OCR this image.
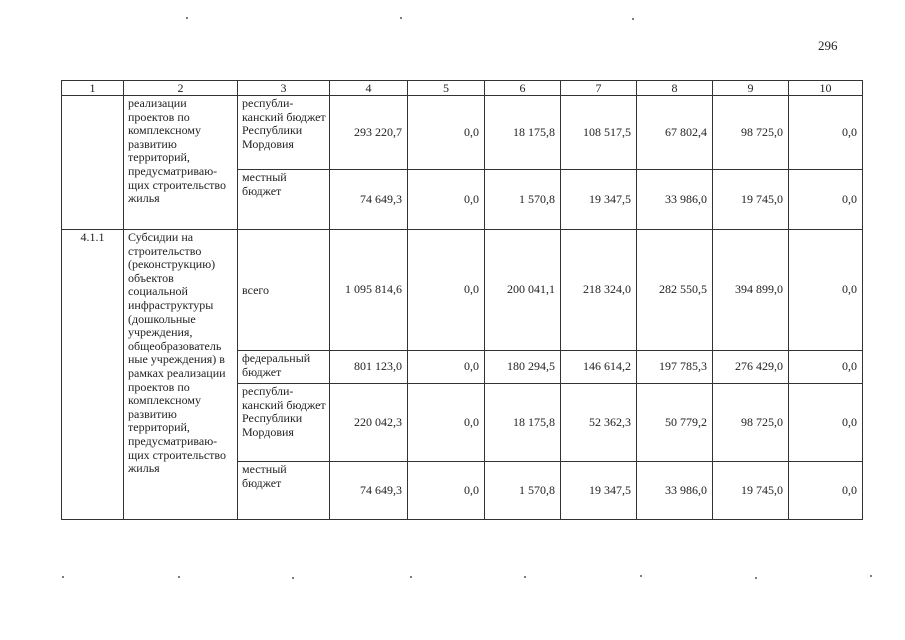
296
1	2	3	4	5	6	7	8	9	10
	реализации проектов по комплексному развитию территорий, предусматриваю-щих строительство жилья	республи-канский бюджет Республики Мордовия	293 220,7	0,0	18 175,8	108 517,5	67 802,4	98 725,0	0,0
		местный бюджет	74 649,3	0,0	1 570,8	19 347,5	33 986,0	19 745,0	0,0
4.1.1	Субсидии на строительство (реконструкцию) объектов социальной инфраструктуры (дошкольные учреждения, общеобразователь ные учреждения) в рамках реализации проектов по комплексному развитию территорий, предусматриваю-щих строительство жилья	всего	1 095 814,6	0,0	200 041,1	218 324,0	282 550,5	394 899,0	0,0
		федеральный бюджет	801 123,0	0,0	180 294,5	146 614,2	197 785,3	276 429,0	0,0
		республи-канский бюджет Республики Мордовия	220 042,3	0,0	18 175,8	52 362,3	50 779,2	98 725,0	0,0
		местный бюджет	74 649,3	0,0	1 570,8	19 347,5	33 986,0	19 745,0	0,0
